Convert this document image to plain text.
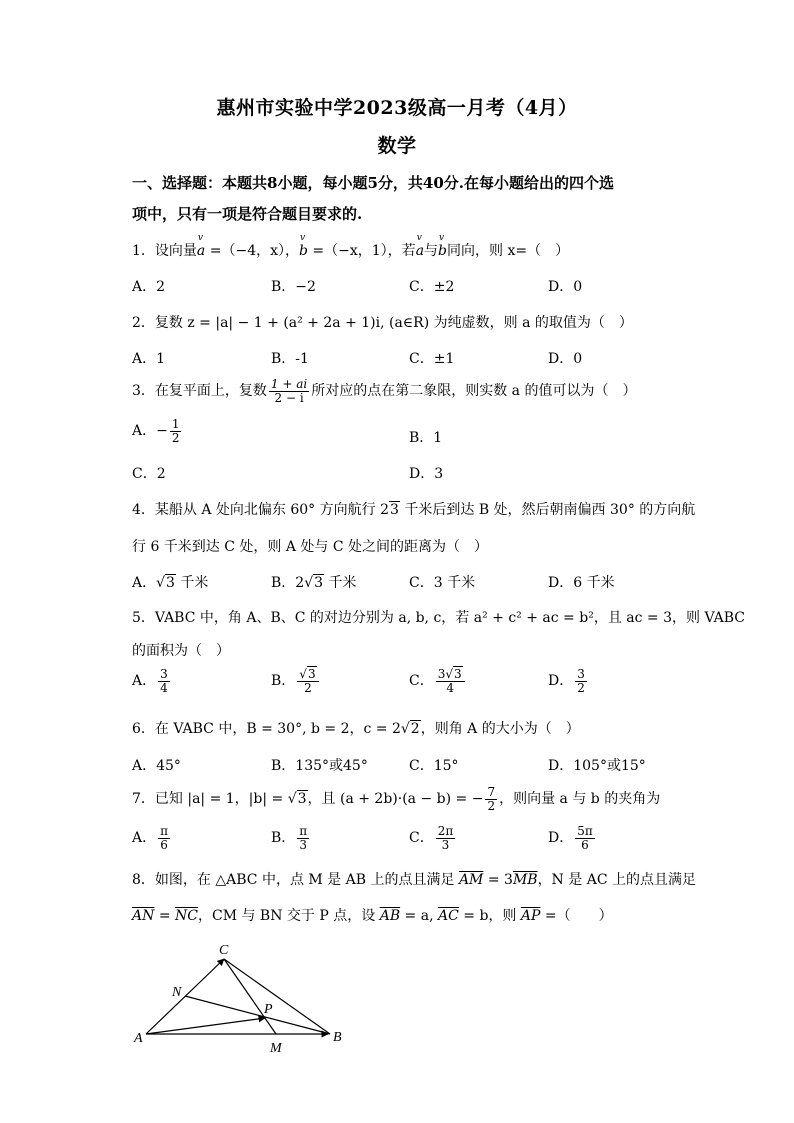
惠州市实验中学2023级高一月考（4月）
数学
一、选择题：本题共8小题，每小题5分，共40分.在每小题给出的四个选
项中，只有一项是符合题目要求的.
1．设向量v a =（−4，x），v b =（−x，1），若v a与v b同向，则 x=（　）
A．2	B．−2	C．±2	D．0
2．复数 z = |a| − 1 + (a² + 2a + 1)i, (a∈R) 为纯虚数，则 a 的取值为（　）
A．1	B．-1	C．±1	D．0
3．在复平面上，复数 $\frac{1 + ai}{2 - i}$ 所对应的点在第二象限，则实数 a 的值可以为（　）
A．− $\frac{1}{2}$	B．1
C．2	D．3
4．某船从 A 处向北偏东 60° 方向航行 23 千米后到达 B 处，然后朝南偏西 30° 的方向航
行 6 千米到达 C 处，则 A 处与 C 处之间的距离为（　）
A．√3 千米	B．2√3 千米	C．3 千米	D．6 千米
5．VABC 中，角 A、B、C 的对边分别为 a, b, c，若 a² + c² + ac = b²，且 ac = 3，则 VABC
的面积为（　）
A． $\frac{3}{4}$	B． $\frac{√3}{2}$	C． $\frac{3√3}{4}$	D． $\frac{3}{2}$
6．在 VABC 中，B = 30°, b = 2，c = 2√2，则角 A 的大小为（　）
A．45°	B．135°或45°	C．15°	D．105°或15°
7．已知 |a| = 1，|b| = √3，且 (a + 2b)·(a − b) = − $\frac{7}{2}$ ，则向量 a 与 b 的夹角为
A． $\frac{\pi}{6}$	B． $\frac{\pi}{3}$	C． $\frac{2\pi}{3}$	D． $\frac{5\pi}{6}$
8．如图，在 △ABC 中，点 M 是 AB 上的点且满足 $\overline{AM} = 3\overline{MB}$，N 是 AC 上的点且满足
$\overline{AN} = \overline{NC}$，CM 与 BN 交于 P 点，设 $\overline{AB} = a$, $\overline{AC} = b$，则 $\overline{AP}$ =（　　）
A	B
C
N
P
M
